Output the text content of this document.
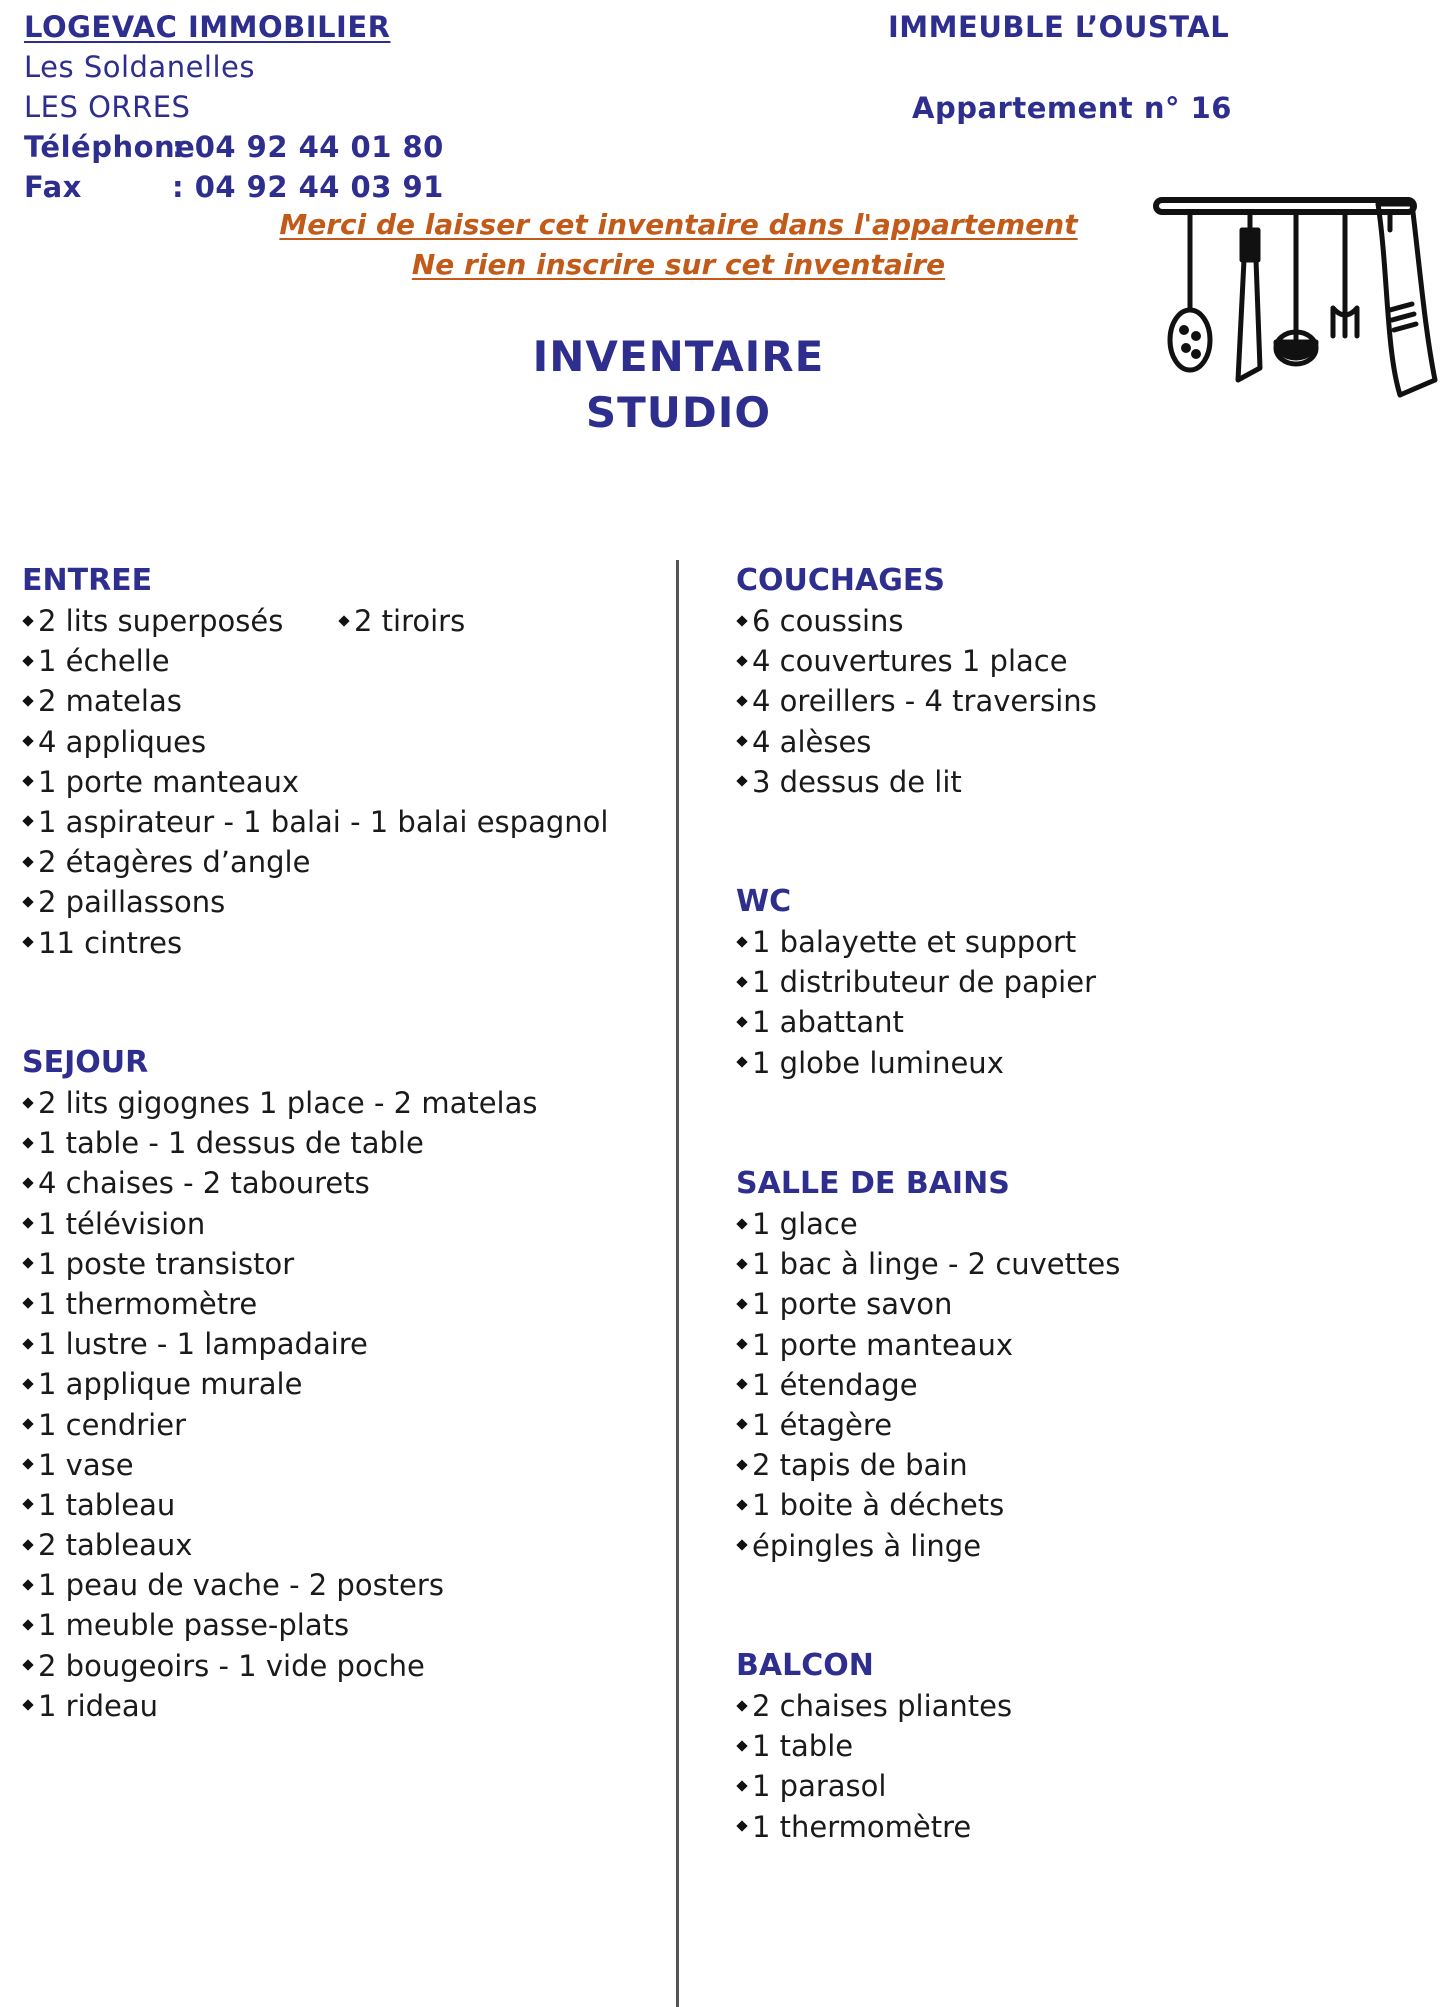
LOGEVAC IMMOBILIER
Les Soldanelles
LES ORRES
Téléphone
: 04 92 44 01 80
Fax	: 04 92 44 03 91
IMMEUBLE L’OUSTAL
Appartement n° 16
Merci de laisser cet inventaire dans l'appartement
Ne rien inscrire sur cet inventaire
INVENTAIRE
STUDIO
ENTREE
2 lits superposés
1 échelle
2 matelas
4 appliques
1 porte manteaux
1 aspirateur - 1 balai - 1 balai espagnol
2 étagères d’angle
2 paillassons
11 cintres
2 tiroirs
SEJOUR
2 lits gigognes 1 place - 2 matelas
1 table - 1 dessus de table
4 chaises - 2 tabourets
1 télévision
1 poste transistor
1 thermomètre
1 lustre - 1 lampadaire
1 applique murale
1 cendrier
1 vase
1 tableau
2 tableaux
1 peau de vache - 2 posters
1 meuble passe-plats
2 bougeoirs - 1 vide poche
1 rideau
COUCHAGES
6 coussins
4 couvertures 1 place
4 oreillers - 4 traversins
4 alèses
3 dessus de lit
WC
1 balayette et support
1 distributeur de papier
1 abattant
1 globe lumineux
SALLE DE BAINS
1 glace
1 bac à linge - 2 cuvettes
1 porte savon
1 porte manteaux
1 étendage
1 étagère
2 tapis de bain
1 boite à déchets
épingles à linge
BALCON
2 chaises pliantes
1 table
1 parasol
1 thermomètre
